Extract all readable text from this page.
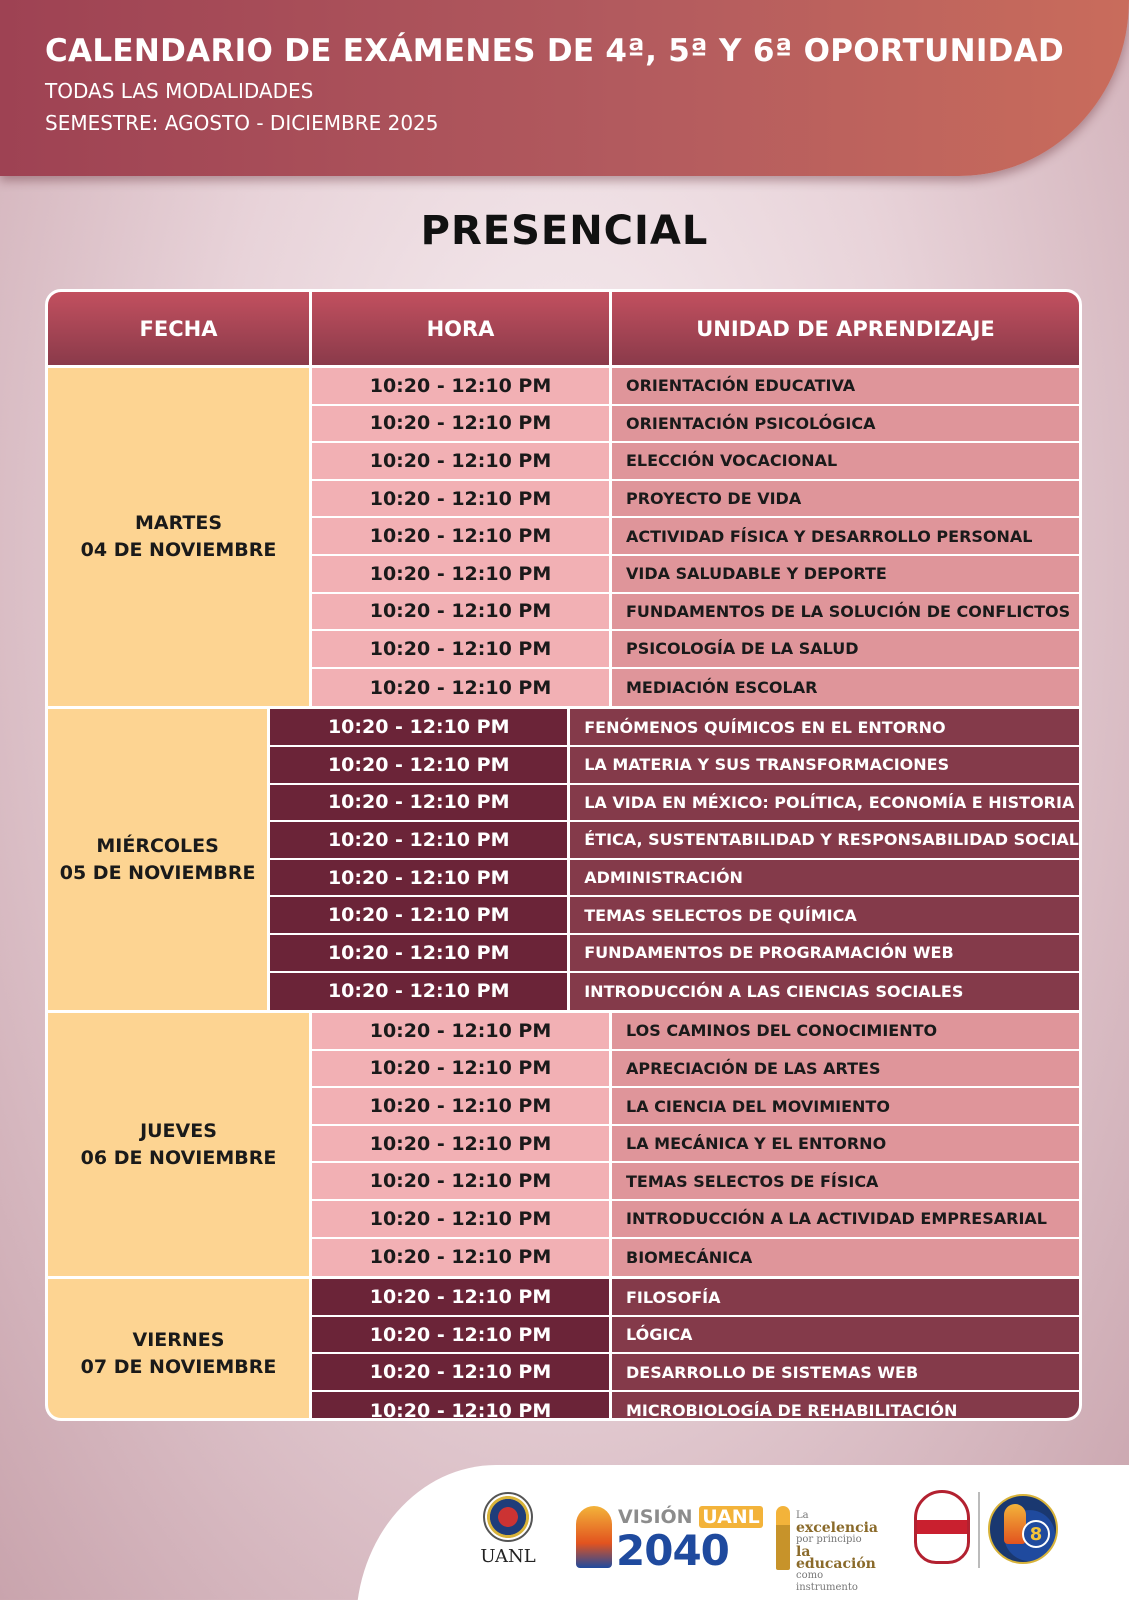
CALENDARIO DE EXÁMENES DE 4ª, 5ª Y 6ª OPORTUNIDAD
TODAS LAS MODALIDADES
SEMESTRE: AGOSTO - DICIEMBRE 2025
PRESENCIAL
FECHA	HORA	UNIDAD DE APRENDIZAJE
MARTES
04 DE NOVIEMBRE
10:20 - 12:10 PM	ORIENTACIÓN EDUCATIVA
10:20 - 12:10 PM	ORIENTACIÓN PSICOLÓGICA
10:20 - 12:10 PM	ELECCIÓN VOCACIONAL
10:20 - 12:10 PM	PROYECTO DE VIDA
10:20 - 12:10 PM	ACTIVIDAD FÍSICA Y DESARROLLO PERSONAL
10:20 - 12:10 PM	VIDA SALUDABLE Y DEPORTE
10:20 - 12:10 PM	FUNDAMENTOS DE LA SOLUCIÓN DE CONFLICTOS
10:20 - 12:10 PM	PSICOLOGÍA DE LA SALUD
10:20 - 12:10 PM	MEDIACIÓN ESCOLAR
MIÉRCOLES
05 DE NOVIEMBRE
10:20 - 12:10 PM	FENÓMENOS QUÍMICOS EN EL ENTORNO
10:20 - 12:10 PM	LA MATERIA Y SUS TRANSFORMACIONES
10:20 - 12:10 PM	LA VIDA EN MÉXICO: POLÍTICA, ECONOMÍA E HISTORIA
10:20 - 12:10 PM	ÉTICA, SUSTENTABILIDAD Y RESPONSABILIDAD SOCIAL
10:20 - 12:10 PM	ADMINISTRACIÓN
10:20 - 12:10 PM	TEMAS SELECTOS DE QUÍMICA
10:20 - 12:10 PM	FUNDAMENTOS DE PROGRAMACIÓN WEB
10:20 - 12:10 PM	INTRODUCCIÓN A LAS CIENCIAS SOCIALES
JUEVES
06 DE NOVIEMBRE
10:20 - 12:10 PM	LOS CAMINOS DEL CONOCIMIENTO
10:20 - 12:10 PM	APRECIACIÓN DE LAS ARTES
10:20 - 12:10 PM	LA CIENCIA DEL MOVIMIENTO
10:20 - 12:10 PM	LA MECÁNICA Y EL ENTORNO
10:20 - 12:10 PM	TEMAS SELECTOS DE FÍSICA
10:20 - 12:10 PM	INTRODUCCIÓN A LA ACTIVIDAD EMPRESARIAL
10:20 - 12:10 PM	BIOMECÁNICA
VIERNES
07 DE NOVIEMBRE
10:20 - 12:10 PM	FILOSOFÍA
10:20 - 12:10 PM	LÓGICA
10:20 - 12:10 PM	DESARROLLO DE SISTEMAS WEB
10:20 - 12:10 PM	MICROBIOLOGÍA DE REHABILITACIÓN
UANL
VISIÓN UANL
2040
La
excelencia
por principio
la educación
como instrumento
8
